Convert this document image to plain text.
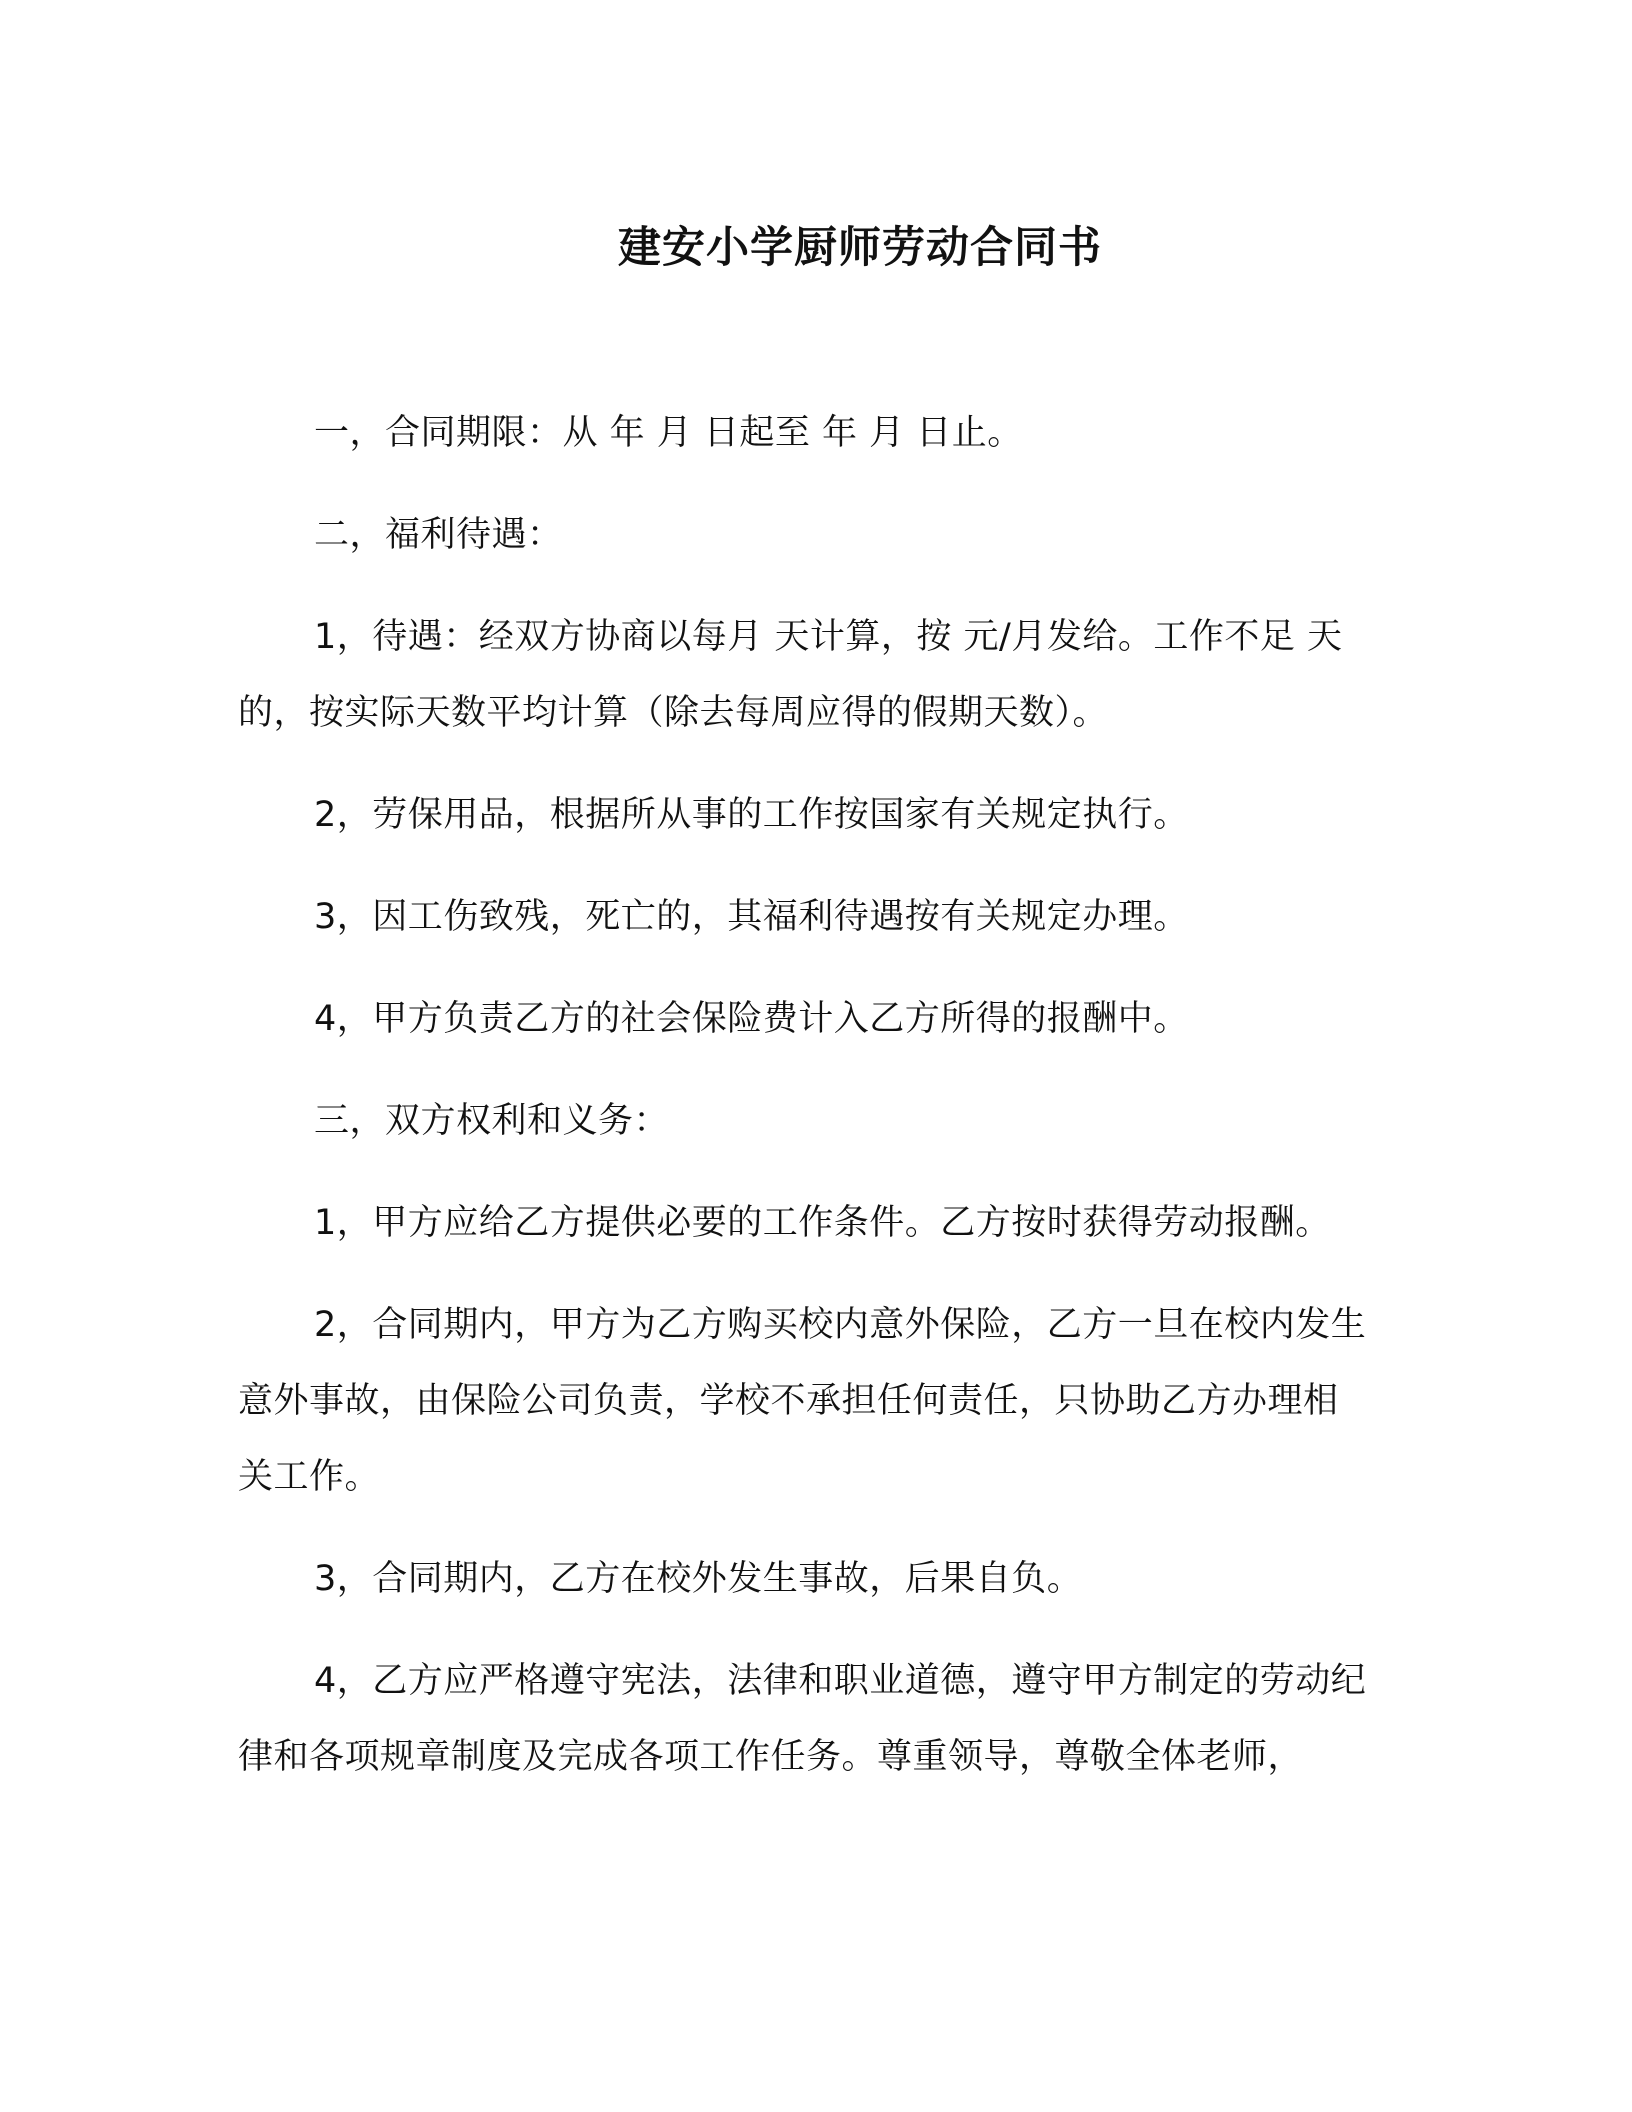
建安小学厨师劳动合同书

一，合同期限：从 年 月 日起至 年 月 日止。

二，福利待遇：

1，待遇：经双方协商以每月 天计算，按 元/月发给。工作不足 天的，按实际天数平均计算（除去每周应得的假期天数）。

2，劳保用品，根据所从事的工作按国家有关规定执行。

3，因工伤致残，死亡的，其福利待遇按有关规定办理。

4，甲方负责乙方的社会保险费计入乙方所得的报酬中。

三，双方权利和义务：

1，甲方应给乙方提供必要的工作条件。乙方按时获得劳动报酬。

2，合同期内，甲方为乙方购买校内意外保险，乙方一旦在校内发生意外事故，由保险公司负责，学校不承担任何责任，只协助乙方办理相关工作。

3，合同期内，乙方在校外发生事故，后果自负。

4，乙方应严格遵守宪法，法律和职业道德，遵守甲方制定的劳动纪律和各项规章制度及完成各项工作任务。尊重领导，尊敬全体老师，
